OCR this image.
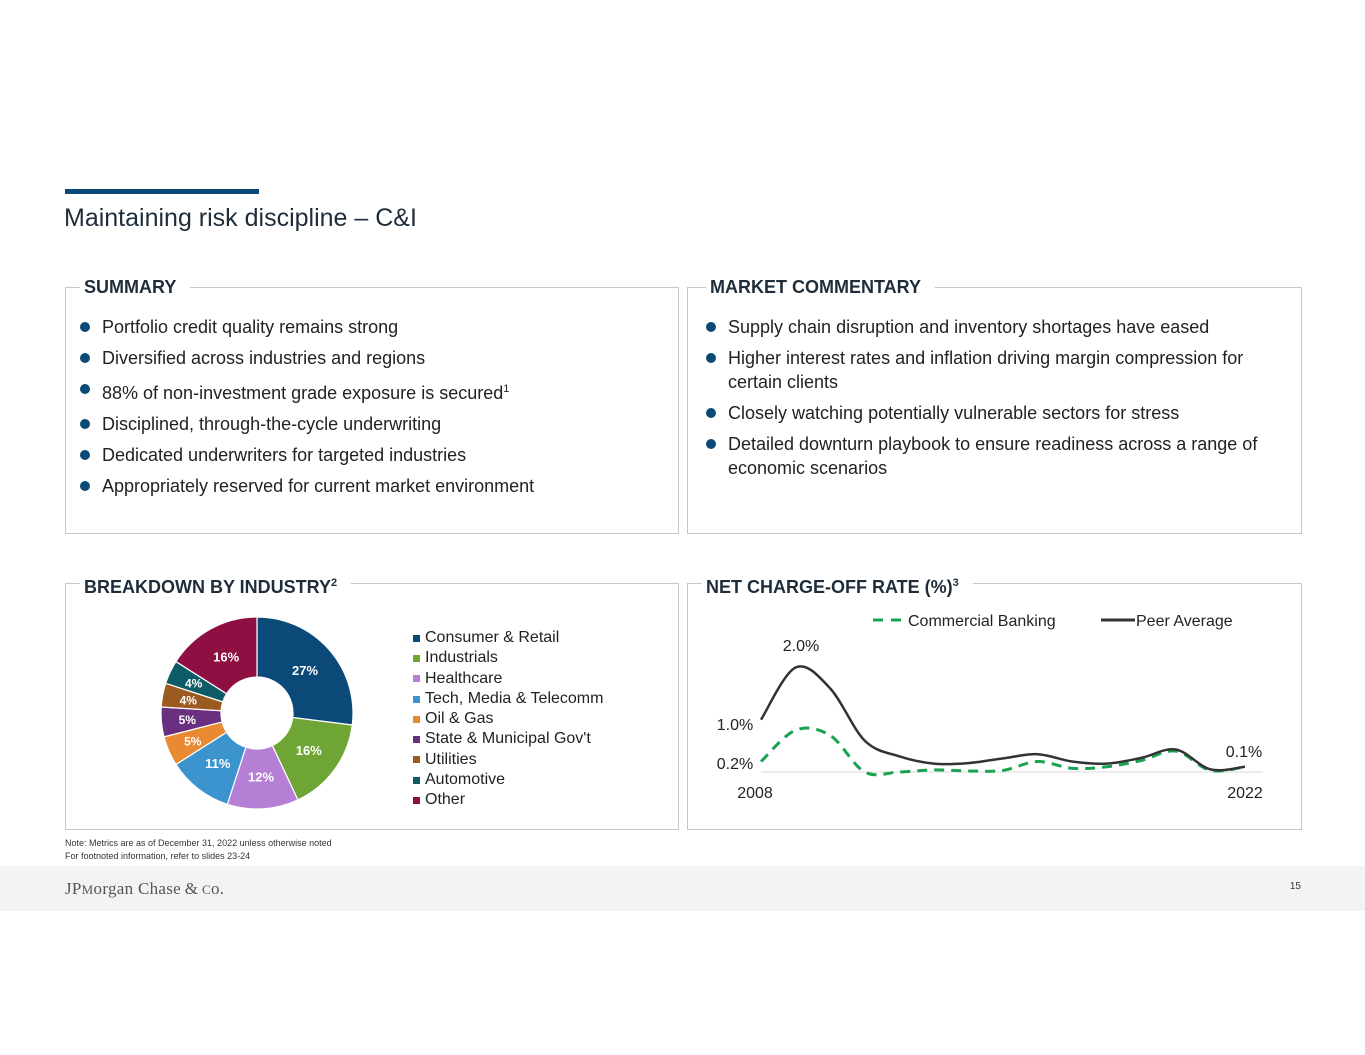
Maintaining risk discipline – C&I
SUMMARY
Portfolio credit quality remains strong
Diversified across industries and regions
88% of non-investment grade exposure is secured$^1$
Disciplined, through-the-cycle underwriting
Dedicated underwriters for targeted industries
Appropriately reserved for current market environment
MARKET COMMENTARY
Supply chain disruption and inventory shortages have eased
Higher interest rates and inflation driving margin compression for certain clients
Closely watching potentially vulnerable sectors for stress
Detailed downturn playbook to ensure readiness across a range of economic scenarios
BREAKDOWN BY INDUSTRY$^2$
27%
16%
12%
11%
5%
5%
4%
4%
16%
Consumer & Retail
Industrials
Healthcare
Tech, Media & Telecomm
Oil & Gas
State & Municipal Gov't
Utilities
Automotive
Other
NET CHARGE-OFF RATE (%)$^3$
Commercial Banking	Peer Average
2008	2022
2.0%
1.0%
0.2%
0.1%
Note: Metrics are as of December 31, 2022 unless otherwise noted
For footnoted information, refer to slides 23-24
JPMorgan Chase & Co.	15
